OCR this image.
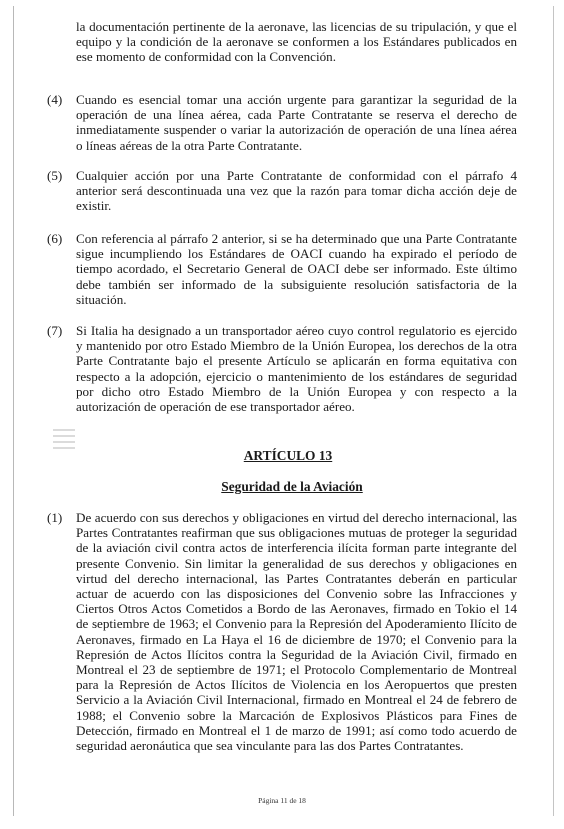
la documentación pertinente de la aeronave, las licencias de su tripulación, y que el equipo y la condición de la aeronave se conformen a los Estándares publicados en ese momento de conformidad con la Convención.
(4)	Cuando es esencial tomar una acción urgente para garantizar la seguridad de la operación de una línea aérea, cada Parte Contratante se reserva el derecho de inmediatamente suspender o variar la autorización de operación de una línea aérea o líneas aéreas de la otra Parte Contratante.
(5)	Cualquier acción por una Parte Contratante de conformidad con el párrafo 4 anterior será descontinuada una vez que la razón para tomar dicha acción deje de existir.
(6)	Con referencia al párrafo 2 anterior, si se ha determinado que una Parte Contratante sigue incumpliendo los Estándares de OACI cuando ha expirado el período de tiempo acordado, el Secretario General de OACI debe ser informado. Este último debe también ser informado de la subsiguiente resolución satisfactoria de la situación.
(7)	Si Italia ha designado a un transportador aéreo cuyo control regulatorio es ejercido y mantenido por otro Estado Miembro de la Unión Europea, los derechos de la otra Parte Contratante bajo el presente Artículo se aplicarán en forma equitativa con respecto a la adopción, ejercicio o mantenimiento de los estándares de seguridad por dicho otro Estado Miembro de la Unión Europea y con respecto a la autorización de operación de ese transportador aéreo.
ARTÍCULO 13
Seguridad de la Aviación
(1)	De acuerdo con sus derechos y obligaciones en virtud del derecho internacional, las Partes Contratantes reafirman que sus obligaciones mutuas de proteger la seguridad de la aviación civil contra actos de interferencia ilícita forman parte integrante del presente Convenio. Sin limitar la generalidad de sus derechos y obligaciones en virtud del derecho internacional, las Partes Contratantes deberán en particular actuar de acuerdo con las disposiciones del Convenio sobre las Infracciones y Ciertos Otros Actos Cometidos a Bordo de las Aeronaves, firmado en Tokio el 14 de septiembre de 1963; el Convenio para la Represión del Apoderamiento Ilícito de Aeronaves, firmado en La Haya el 16 de diciembre de 1970; el Convenio para la Represión de Actos Ilícitos contra la Seguridad de la Aviación Civil, firmado en Montreal el 23 de septiembre de 1971; el Protocolo Complementario de Montreal para la Represión de Actos Ilícitos de Violencia en los Aeropuertos que presten Servicio a la Aviación Civil Internacional, firmado en Montreal el 24 de febrero de 1988; el Convenio sobre la Marcación de Explosivos Plásticos para Fines de Detección, firmado en Montreal el 1 de marzo de 1991; así como todo acuerdo de seguridad aeronáutica que sea vinculante para las dos Partes Contratantes.
Página 11 de 18
